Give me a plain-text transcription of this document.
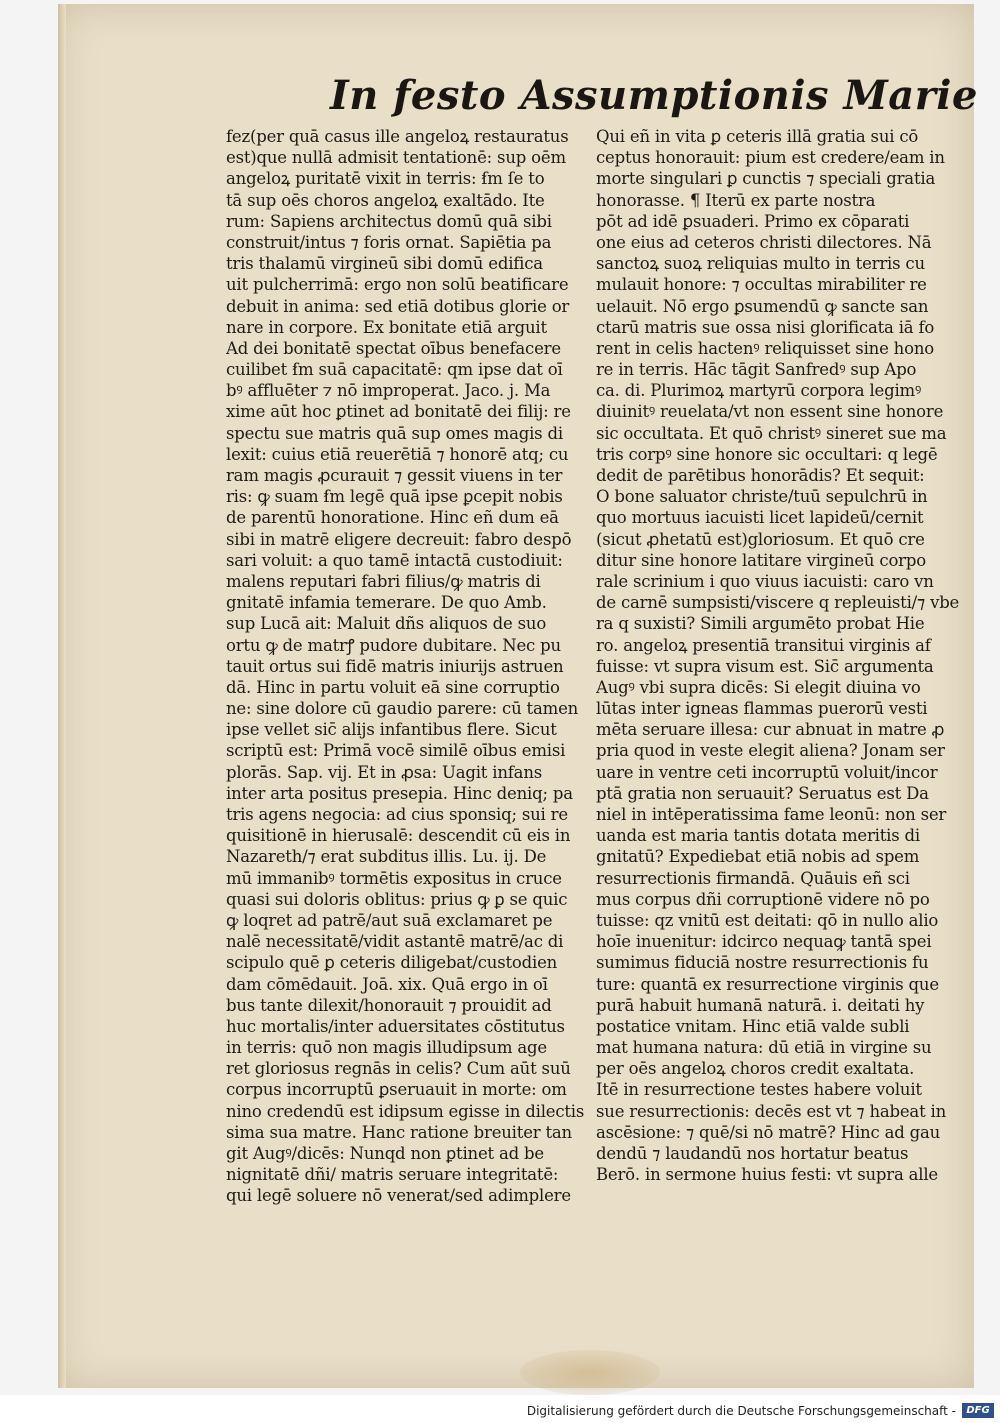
In festo Assumptionis Marie
fez(per quā casus ille angeloꝝ restauratus
est)que nullā admisit tentationē: sup oēm
angeloꝝ puritatē vixit in terris: ẜm ſe to
tā sup oēs choros angeloꝝ exaltādo. Ite
rum: Sapiens architectus domū quā sibi
construit/intus ⁊ foris ornat. Sapiētia pa
tris thalamū virgineū sibi domū edifica
uit pulcherrimā: ergo non solū beatificare
debuit in anima: sed etiā dotibus glorie or
nare in corpore. Ex bonitate etiā arguit
Ad dei bonitatē spectat oībus benefacere
cuilibet ẜm suā capacitatē: qm ipse dat oī
bꝰ affluēter ⁊ nō improperat. Jaco. j. Ma
xime aūt hoc ꝑtinet ad bonitatē dei filij: re
spectu sue matris quā sup omes magis di
lexit: cuius etiā reuerētiā ⁊ honorē atq; cu
ram magis ꝓcurauit ⁊ gessit viuens in ter
ris: ꝙ suam ẜm legē quā ipse ꝑcepit nobis
de parentū honoratione. Hinc eñ dum eā
sibi in matrē eligere decreuit: fabro despō
sari voluit: a quo tamē intactā custodiuit:
malens reputari fabri filius/ꝙ matris di
gnitatē infamia temerare. De quo Amb.
sup Lucā ait: Maluit dñs aliquos de suo
ortu ꝙ de matrꝭ pudore dubitare. Nec pu
tauit ortus sui fidē matris iniurijs astruen
dā. Hinc in partu voluit eā sine corruptio
ne: sine dolore cū gaudio parere: cū tamen
ipse vellet sic̄ alijs infantibus flere. Sicut
scriptū est: Primā vocē similē oībus emisi
plorās. Sap. vij. Et in ꝓsa: Uagit infans
inter arta positus presepia. Hinc deniq; pa
tris agens negocia: ad cius sponsiq; sui re
quisitionē in hierusalē: descendit cū eis in
Nazareth/⁊ erat subditus illis. Lu. ij. De
mū immanibꝰ tormētis expositus in cruce
quasi sui doloris oblitus: prius ꝙ ꝑ se quic
ꝙ loqret ad patrē/aut suā exclamaret pe
nalē necessitatē/vidit astantē matrē/ac di
scipulo quē ꝑ ceteris diligebat/custodien
dam cōmēdauit. Joā. xix. Quā ergo in oī
bus tante dilexit/honorauit ⁊ prouidit ad
huc mortalis/inter aduersitates cōstitutus
in terris: quō non magis illudipsum age
ret gloriosus regnās in celis? Cum aūt suū
corpus incorruptū ꝑseruauit in morte: om
nino credendū est idipsum egisse in dilectis
sima sua matre. Hanc ratione breuiter tan
git Augꝰ/dicēs: Nunqd non ꝑtinet ad be
nignitatē dñi/ matris seruare integritatē:
qui legē soluere nō venerat/sed adimplere
Qui eñ in vita ꝑ ceteris illā gratia sui cō
ceptus honorauit: pium est credere/eam in
morte singulari ꝑ cunctis ⁊ speciali gratia
honorasse. ¶ Iterū ex parte nostra
pōt ad idē ꝑsuaderi. Primo ex cōparati
one eius ad ceteros christi dilectores. Nā
sanctoꝝ suoꝝ reliquias multo in terris cu
mulauit honore: ⁊ occultas mirabiliter re
uelauit. Nō ergo ꝑsumendū ꝙ sancte san
ctarū matris sue ossa nisi glorificata iā fo
rent in celis hactenꝰ reliquisset sine hono
re in terris. Hāc tāgit Sanfredꝰ sup Apo
ca. di. Plurimoꝝ martyrū corpora legimꝰ
diuinitꝰ reuelata/vt non essent sine honore
sic occultata. Et quō christꝰ sineret sue ma
tris corpꝰ sine honore sic occultari: q legē
dedit de parētibus honorādis? Et sequit:
O bone saluator christe/tuū sepulchrū in
quo mortuus iacuisti licet lapideū/cernit
(sicut ꝓhetatū est)gloriosum. Et quō cre
ditur sine honore latitare virgineū corpo
rale scrinium i quo viuus iacuisti: caro vn
de carnē sumpsisti/viscere q repleuisti/⁊ vbe
ra q suxisti? Simili argumēto probat Hie
ro. angeloꝝ presentiā transitui virginis af
fuisse: vt supra visum est. Sic̄ argumenta
Augꝰ vbi supra dicēs: Si elegit diuina vo
lūtas inter igneas flammas puerorū vesti
mēta seruare illesa: cur abnuat in matre ꝓ
pria quod in veste elegit aliena? Jonam ser
uare in ventre ceti incorruptū voluit/incor
ptā gratia non seruauit? Seruatus est Da
niel in intēperatissima fame leonū: non ser
uanda est maria tantis dotata meritis di
gnitatū? Expediebat etiā nobis ad spem
resurrectionis firmandā. Quāuis eñ sci
mus corpus dñi corruptionē videre nō po
tuisse: qz vnitū est deitati: qō in nullo alio
hoīe inuenitur: idcirco nequaꝙ tantā spei
sumimus fiduciā nostre resurrectionis fu
ture: quantā ex resurrectione virginis que
purā habuit humanā naturā. i. deitati hy
postatice vnitam. Hinc etiā valde subli
mat humana natura: dū etiā in virgine su
per oēs angeloꝝ choros credit exaltata.
Itē in resurrectione testes habere voluit
sue resurrectionis: decēs est vt ⁊ habeat in
ascēsione: ⁊ quē/si nō matrē? Hinc ad gau
dendū ⁊ laudandū nos hortatur beatus
Berō. in sermone huius festi: vt supra alle
Digitalisierung gefördert durch die Deutsche Forschungsgemeinschaft -	DFG
